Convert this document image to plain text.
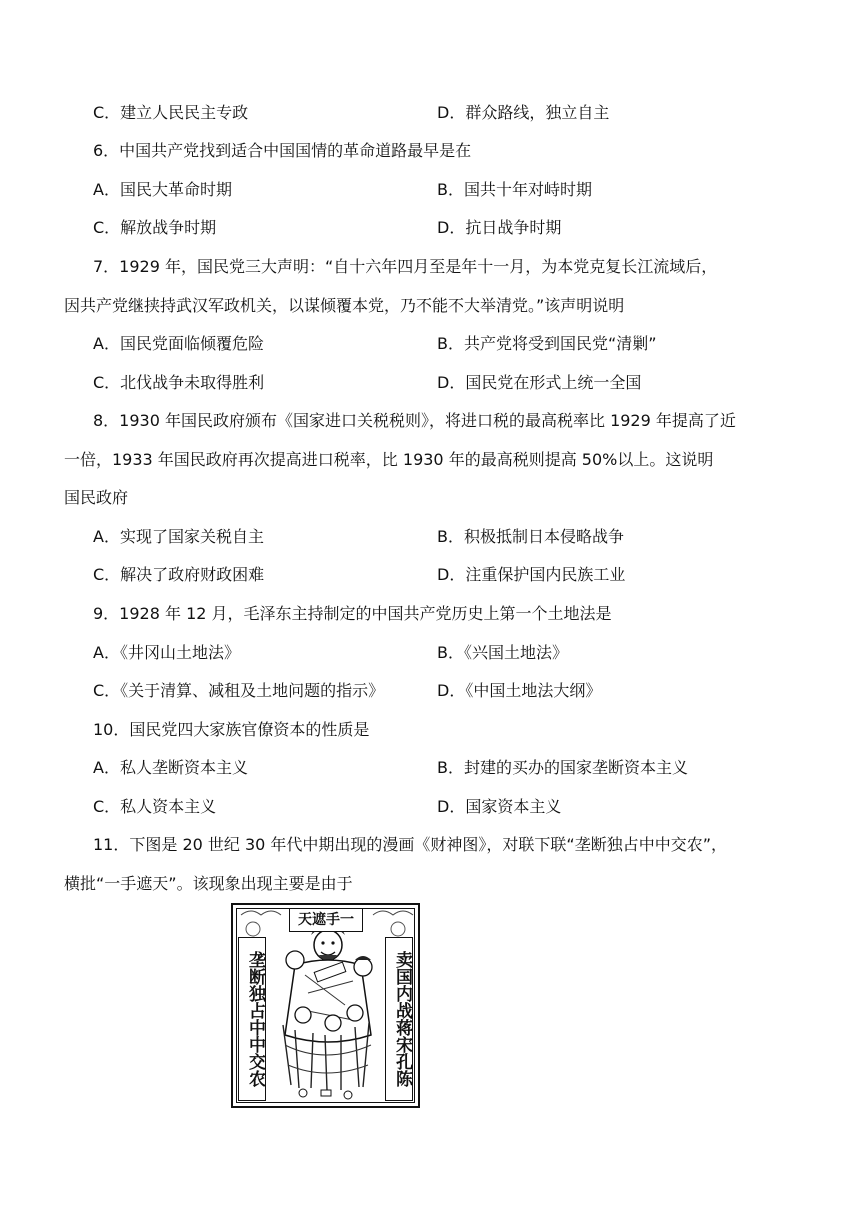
C．建立人民民主专政	D．群众路线，独立自主
6．中国共产党找到适合中国国情的革命道路最早是在
A．国民大革命时期	B．国共十年对峙时期
C．解放战争时期	D．抗日战争时期
7．1929 年，国民党三大声明：“自十六年四月至是年十一月，为本党克复长江流域后，
因共产党继挟持武汉军政机关，以谋倾覆本党，乃不能不大举清党。”该声明说明
A．国民党面临倾覆危险	B．共产党将受到国民党“清剿”
C．北伐战争未取得胜利	D．国民党在形式上统一全国
8．1930 年国民政府颁布《国家进口关税税则》，将进口税的最高税率比 1929 年提高了近
一倍，1933 年国民政府再次提高进口税率，比 1930 年的最高税则提高 50%以上。这说明
国民政府
A．实现了国家关税自主	B．积极抵制日本侵略战争
C．解决了政府财政困难	D．注重保护国内民族工业
9．1928 年 12 月，毛泽东主持制定的中国共产党历史上第一个土地法是
A．《井冈山土地法》	B．《兴国土地法》
C．《关于清算、减租及土地问题的指示》	D．《中国土地法大纲》
10．国民党四大家族官僚资本的性质是
A．私人垄断资本主义	B．封建的买办的国家垄断资本主义
C．私人资本主义	D．国家资本主义
11．下图是 20 世纪 30 年代中期出现的漫画《财神图》，对联下联“垄断独占中中交农”，
横批“一手遮天”。该现象出现主要是由于
天遮手一
垄断独占中中交农	卖国内战蒋宋孔陈
